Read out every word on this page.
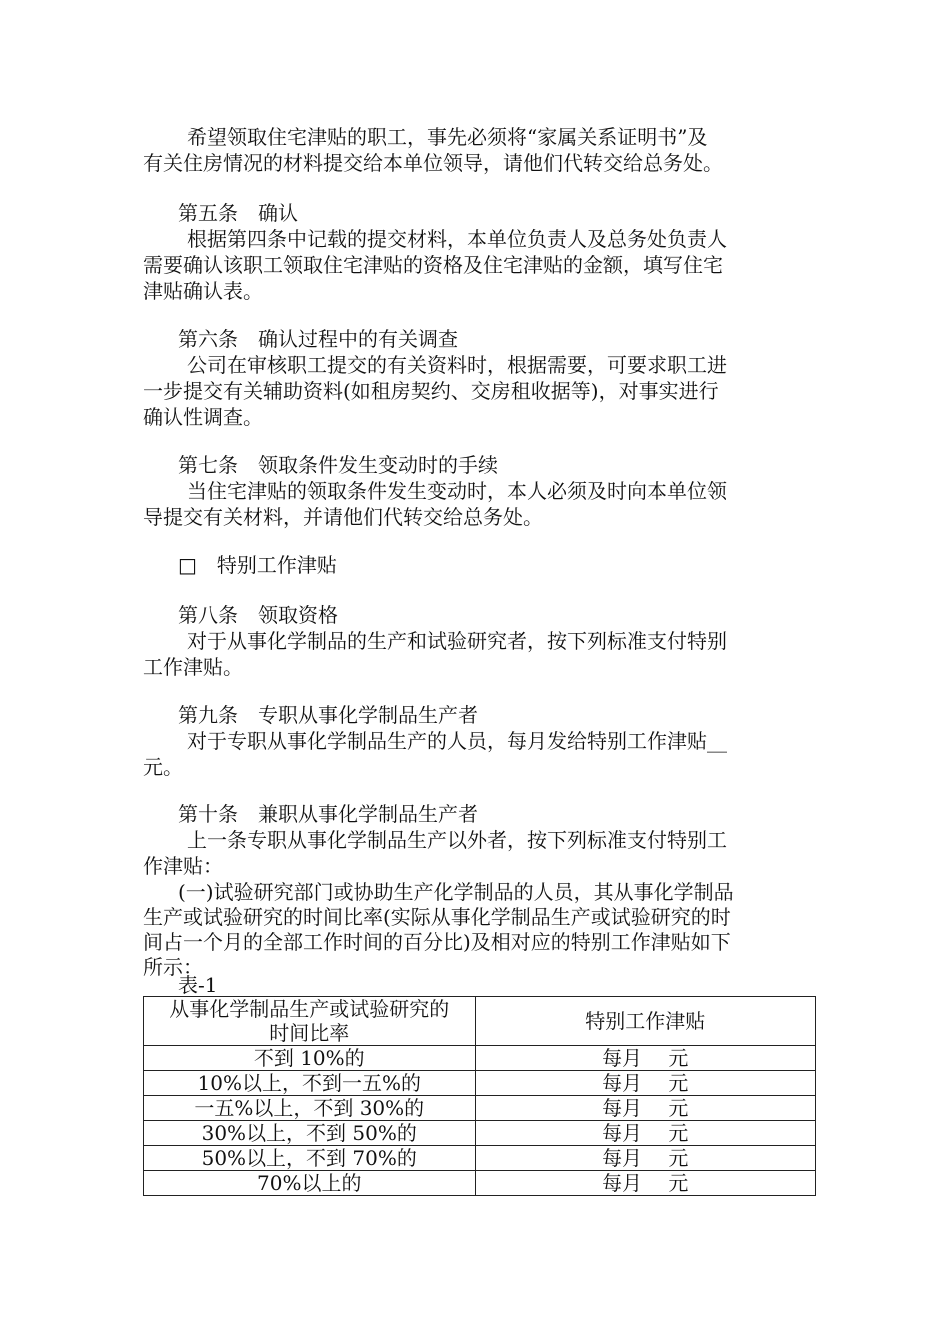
希望领取住宅津贴的职工，事先必须将“家属关系证明书”及
有关住房情况的材料提交给本单位领导，请他们代转交给总务处。
第五条　确认
根据第四条中记载的提交材料，本单位负责人及总务处负责人
需要确认该职工领取住宅津贴的资格及住宅津贴的金额，填写住宅
津贴确认表。
第六条　确认过程中的有关调查
公司在审核职工提交的有关资料时，根据需要，可要求职工进
一步提交有关辅助资料(如租房契约、交房租收据等)，对事实进行
确认性调查。
第七条　领取条件发生变动时的手续
当住宅津贴的领取条件发生变动时，本人必须及时向本单位领
导提交有关材料，并请他们代转交给总务处。
□　特别工作津贴
第八条　领取资格
对于从事化学制品的生产和试验研究者，按下列标准支付特别
工作津贴。
第九条　专职从事化学制品生产者
对于专职从事化学制品生产的人员，每月发给特别工作津贴__
元。
第十条　兼职从事化学制品生产者
上一条专职从事化学制品生产以外者，按下列标准支付特别工
作津贴：
(一)试验研究部门或协助生产化学制品的人员，其从事化学制品
生产或试验研究的时间比率(实际从事化学制品生产或试验研究的时
间占一个月的全部工作时间的百分比)及相对应的特别工作津贴如下
所示：
表-1
从事化学制品生产或试验研究的
时间比率	特别工作津贴
不到 10%的	每月　 元
10%以上，不到一五%的	每月　 元
一五%以上，不到 30%的	每月　 元
30%以上，不到 50%的	每月　 元
50%以上，不到 70%的	每月　 元
70%以上的	每月　 元
